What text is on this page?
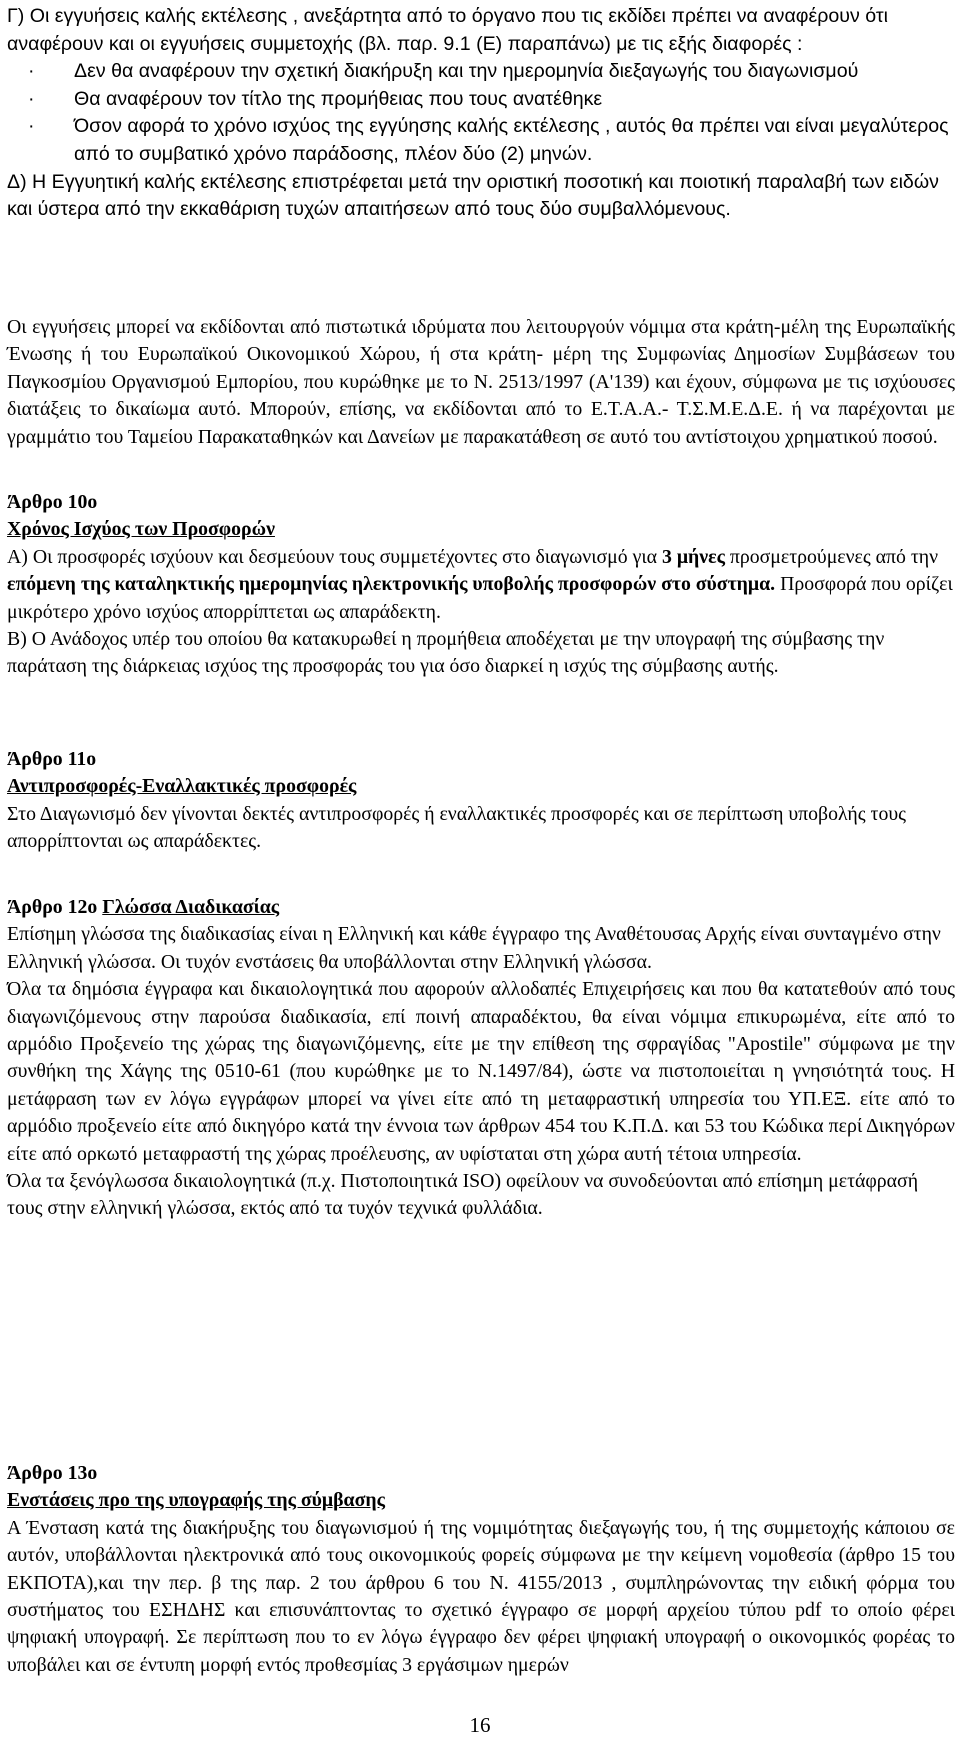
Γ) Οι εγγυήσεις καλής εκτέλεσης , ανεξάρτητα από το όργανο που τις εκδίδει πρέπει να αναφέρουν ότι αναφέρουν και οι εγγυήσεις συμμετοχής (βλ. παρ. 9.1 (Ε) παραπάνω) με τις εξής διαφορές :

· Δεν θα αναφέρουν την σχετική διακήρυξη και την ημερομηνία διεξαγωγής του διαγωνισμού

· Θα αναφέρουν τον τίτλο της προμήθειας που τους ανατέθηκε

· Όσον αφορά το χρόνο ισχύος της εγγύησης καλής εκτέλεσης , αυτός θα πρέπει ναι είναι μεγαλύτερος από το συμβατικό χρόνο παράδοσης, πλέον δύο (2) μηνών.

Δ) Η Εγγυητική καλής εκτέλεσης επιστρέφεται μετά την οριστική ποσοτική και ποιοτική παραλαβή των ειδών και ύστερα από την εκκαθάριση τυχών απαιτήσεων από τους δύο συμβαλλόμενους.

Οι εγγυήσεις μπορεί να εκδίδονται από πιστωτικά ιδρύματα που λειτουργούν νόμιμα στα κράτη-μέλη της Ευρωπαϊκής Ένωσης ή του Ευρωπαϊκού Οικονομικού Χώρου, ή στα κράτη- μέρη της Συμφωνίας Δημοσίων Συμβάσεων του Παγκοσμίου Οργανισμού Εμπορίου, που κυρώθηκε με το Ν. 2513/1997 (Α'139) και έχουν, σύμφωνα με τις ισχύουσες διατάξεις το δικαίωμα αυτό. Μπορούν, επίσης, να εκδίδονται από το Ε.Τ.Α.Α.- Τ.Σ.Μ.Ε.Δ.Ε. ή να παρέχονται με γραμμάτιο του Ταμείου Παρακαταθηκών και Δανείων με παρακατάθεση σε αυτό του αντίστοιχου χρηματικού ποσού.

Άρθρο 10ο

Χρόνος Ισχύος των Προσφορών

Α) Οι προσφορές ισχύουν και δεσμεύουν τους συμμετέχοντες στο διαγωνισμό για 3 μήνες προσμετρούμενες από την επόμενη της καταληκτικής ημερομηνίας ηλεκτρονικής υποβολής προσφορών στο σύστημα. Προσφορά που ορίζει μικρότερο χρόνο ισχύος απορρίπτεται ως απαράδεκτη.

Β) Ο Ανάδοχος υπέρ του οποίου θα κατακυρωθεί η προμήθεια αποδέχεται με την υπογραφή της σύμβασης την παράταση της διάρκειας ισχύος της προσφοράς του για όσο διαρκεί η ισχύς της σύμβασης αυτής.

Άρθρο 11ο

Αντιπροσφορές-Εναλλακτικές προσφορές

Στο Διαγωνισμό δεν γίνονται δεκτές αντιπροσφορές ή εναλλακτικές προσφορές και σε περίπτωση υποβολής τους απορρίπτονται ως απαράδεκτες.

Άρθρο 12ο Γλώσσα Διαδικασίας

Επίσημη γλώσσα της διαδικασίας είναι η Ελληνική και κάθε έγγραφο της Αναθέτουσας Αρχής είναι συνταγμένο στην Ελληνική γλώσσα. Οι τυχόν ενστάσεις θα υποβάλλονται στην Ελληνική γλώσσα.

Όλα τα δημόσια έγγραφα και δικαιολογητικά που αφορούν αλλοδαπές Επιχειρήσεις και που θα κατατεθούν από τους διαγωνιζόμενους στην παρούσα διαδικασία, επί ποινή απαραδέκτου, θα είναι νόμιμα επικυρωμένα, είτε από το αρμόδιο Προξενείο της χώρας της διαγωνιζόμενης, είτε με την επίθεση της σφραγίδας "Apostile" σύμφωνα με την συνθήκη της Χάγης της 0510-61 (που κυρώθηκε με το Ν.1497/84), ώστε να πιστοποιείται η γνησιότητά τους. Η μετάφραση των εν λόγω εγγράφων μπορεί να γίνει είτε από τη μεταφραστική υπηρεσία του ΥΠ.ΕΞ. είτε από το αρμόδιο προξενείο είτε από δικηγόρο κατά την έννοια των άρθρων 454 του Κ.Π.Δ. και 53 του Κώδικα περί Δικηγόρων είτε από ορκωτό μεταφραστή της χώρας προέλευσης, αν υφίσταται στη χώρα αυτή τέτοια υπηρεσία.

Όλα τα ξενόγλωσσα δικαιολογητικά (π.χ. Πιστοποιητικά ISO) οφείλουν να συνοδεύονται από επίσημη μετάφρασή τους στην ελληνική γλώσσα, εκτός από τα τυχόν τεχνικά φυλλάδια.

Άρθρο 13ο

Ενστάσεις προ της υπογραφής της σύμβασης

Α Ένσταση κατά της διακήρυξης του διαγωνισμού ή της νομιμότητας διεξαγωγής του, ή της συμμετοχής κάποιου σε αυτόν, υποβάλλονται ηλεκτρονικά από τους οικονομικούς φορείς σύμφωνα με την κείμενη νομοθεσία (άρθρο 15 του ΕΚΠΟΤΑ),και την περ. β της παρ. 2 του άρθρου 6 του Ν. 4155/2013 , συμπληρώνοντας την ειδική φόρμα του συστήματος του ΕΣΗΔΗΣ και επισυνάπτοντας το σχετικό έγγραφο σε μορφή αρχείου τύπου pdf το οποίο φέρει ψηφιακή υπογραφή. Σε περίπτωση που το εν λόγω έγγραφο δεν φέρει ψηφιακή υπογραφή ο οικονομικός φορέας το υποβάλει και σε έντυπη μορφή εντός προθεσμίας 3 εργάσιμων ημερών

16
